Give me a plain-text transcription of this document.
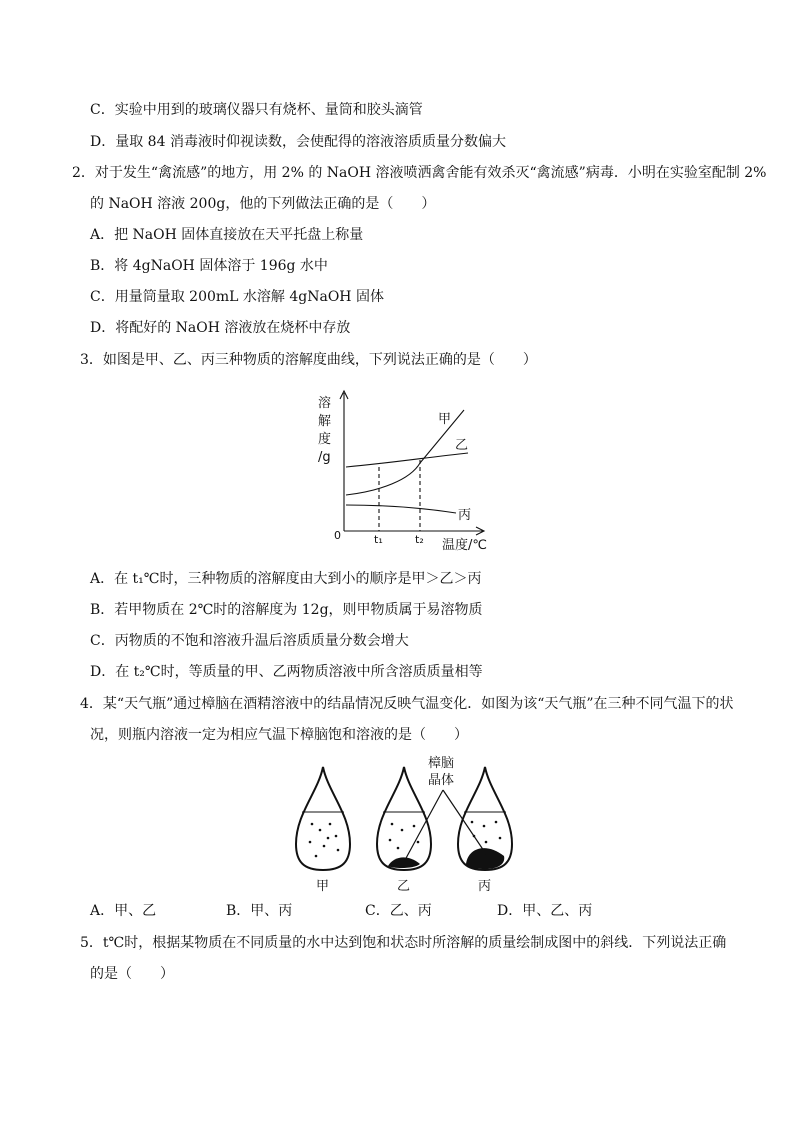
C．实验中用到的玻璃仪器只有烧杯、量筒和胶头滴管
D．量取 84 消毒液时仰视读数，会使配得的溶液溶质质量分数偏大
2．对于发生“禽流感”的地方，用 2% 的 NaOH 溶液喷洒禽舍能有效杀灭“禽流感”病毒．小明在实验室配制 2%
的 NaOH 溶液 200g，他的下列做法正确的是（　　）
A．把 NaOH 固体直接放在天平托盘上称量
B．将 4gNaOH 固体溶于 196g 水中
C．用量筒量取 200mL 水溶解 4gNaOH 固体
D．将配好的 NaOH 溶液放在烧杯中存放
3．如图是甲、乙、丙三种物质的溶解度曲线，下列说法正确的是（　　）
溶
解
度
/g
0	t₁	t₂ 温度/℃
甲
乙
丙
A．在 t₁℃时，三种物质的溶解度由大到小的顺序是甲＞乙＞丙
B．若甲物质在 2℃时的溶解度为 12g，则甲物质属于易溶物质
C．丙物质的不饱和溶液升温后溶质质量分数会增大
D．在 t₂℃时，等质量的甲、乙两物质溶液中所含溶质质量相等
4．某“天气瓶”通过樟脑在酒精溶液中的结晶情况反映气温变化．如图为该“天气瓶”在三种不同气温下的状
况，则瓶内溶液一定为相应气温下樟脑饱和溶液的是（　　）
樟脑
晶体
甲	乙	丙
A．甲、乙	B．甲、丙	C．乙、丙	D．甲、乙、丙
5．t℃时，根据某物质在不同质量的水中达到饱和状态时所溶解的质量绘制成图中的斜线．下列说法正确
的是（　　）
